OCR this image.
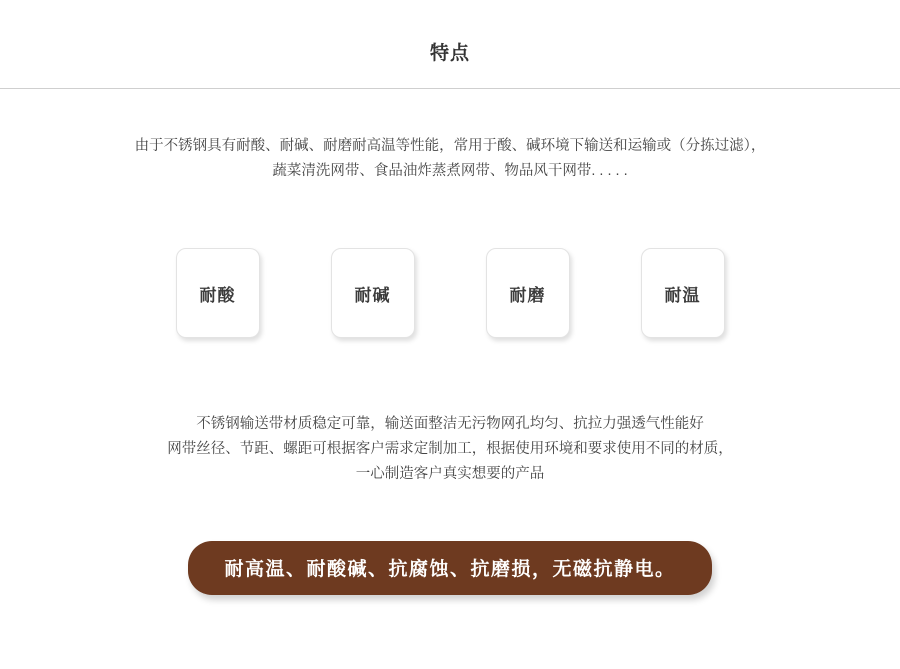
特点
由于不锈钢具有耐酸、耐碱、耐磨耐高温等性能，常用于酸、碱环境下输送和运输或（分拣过滤），
蔬菜清洗网带、食品油炸蒸煮网带、物品风干网带. . . . .
耐酸	耐碱	耐磨	耐温
不锈钢输送带材质稳定可靠，输送面整洁无污物网孔均匀、抗拉力强透气性能好
网带丝径、节距、螺距可根据客户需求定制加工，根据使用环境和要求使用不同的材质，
一心制造客户真实想要的产品
耐高温、耐酸碱、抗腐蚀、抗磨损，无磁抗静电。
